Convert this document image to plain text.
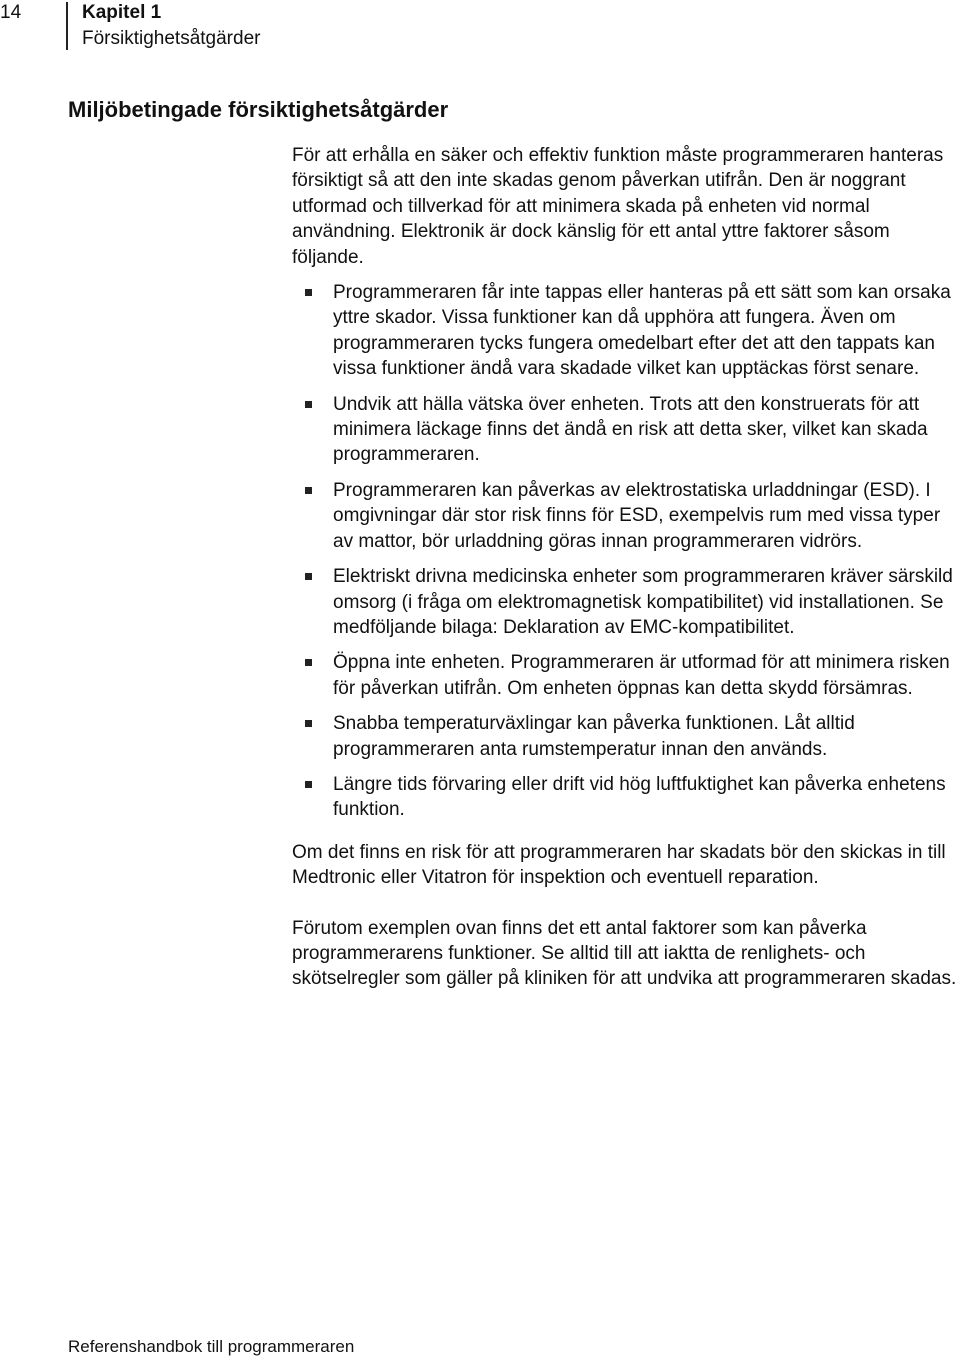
14	Kapitel 1
Försiktighetsåtgärder
Miljöbetingade försiktighetsåtgärder

För att erhålla en säker och effektiv funktion måste programmeraren hanteras försiktigt så att den inte skadas genom påverkan utifrån. Den är noggrant utformad och tillverkad för att minimera skada på enheten vid normal användning. Elektronik är dock känslig för ett antal yttre faktorer såsom följande.

Programmeraren får inte tappas eller hanteras på ett sätt som kan orsaka yttre skador. Vissa funktioner kan då upphöra att fungera. Även om programmeraren tycks fungera omedelbart efter det att den tappats kan vissa funktioner ändå vara skadade vilket kan upptäckas först senare.
Undvik att hälla vätska över enheten. Trots att den konstruerats för att minimera läckage finns det ändå en risk att detta sker, vilket kan skada programmeraren.
Programmeraren kan påverkas av elektrostatiska urladdningar (ESD). I omgivningar där stor risk finns för ESD, exempelvis rum med vissa typer av mattor, bör urladdning göras innan programmeraren vidrörs.
Elektriskt drivna medicinska enheter som programmeraren kräver särskild omsorg (i fråga om elektromagnetisk kompatibilitet) vid installationen. Se medföljande bilaga: Deklaration av EMC-kompatibilitet.
Öppna inte enheten. Programmeraren är utformad för att minimera risken för påverkan utifrån. Om enheten öppnas kan detta skydd försämras.
Snabba temperaturväxlingar kan påverka funktionen. Låt alltid programmeraren anta rumstemperatur innan den används.
Längre tids förvaring eller drift vid hög luftfuktighet kan påverka enhetens funktion.

Om det finns en risk för att programmeraren har skadats bör den skickas in till Medtronic eller Vitatron för inspektion och eventuell reparation.

Förutom exemplen ovan finns det ett antal faktorer som kan påverka programmerarens funktioner. Se alltid till att iaktta de renlighets- och skötselregler som gäller på kliniken för att undvika att programmeraren skadas.

Referenshandbok till programmeraren
